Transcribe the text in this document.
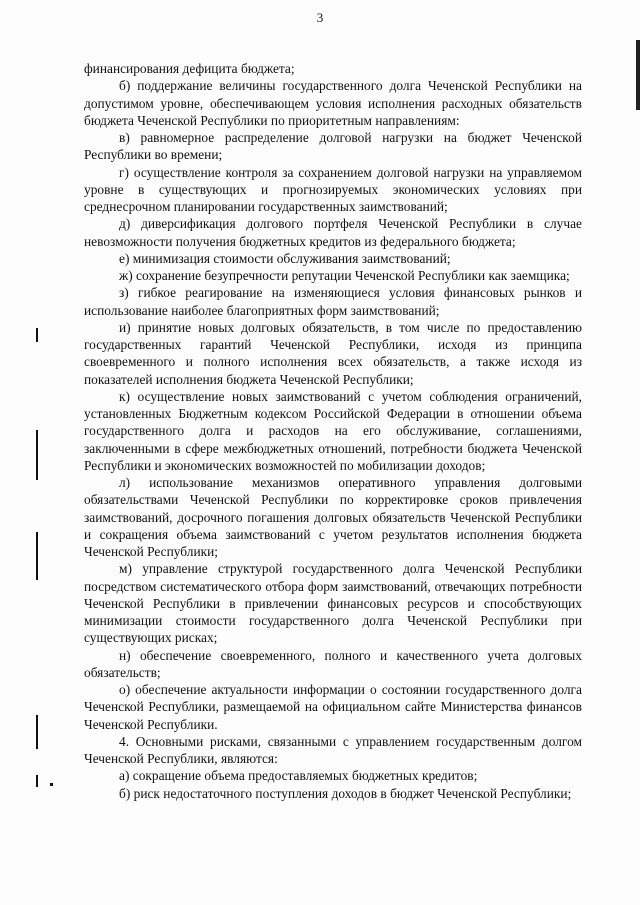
3

финансирования дефицита бюджета;

б) поддержание величины государственного долга Чеченской Республики на допустимом уровне, обеспечивающем условия исполнения расходных обязательств бюджета Чеченской Республики по приоритетным направлениям:

в) равномерное распределение долговой нагрузки на бюджет Чеченской Республики во времени;

г) осуществление контроля за сохранением долговой нагрузки на управляемом уровне в существующих и прогнозируемых экономических условиях при среднесрочном планировании государственных заимствований;

д) диверсификация долгового портфеля Чеченской Республики в случае невозможности получения бюджетных кредитов из федерального бюджета;

е) минимизация стоимости обслуживания заимствований;

ж) сохранение безупречности репутации Чеченской Республики как заемщика;

з) гибкое реагирование на изменяющиеся условия финансовых рынков и использование наиболее благоприятных форм заимствований;

и) принятие новых долговых обязательств, в том числе по предоставлению государственных гарантий Чеченской Республики, исходя из принципа своевременного и полного исполнения всех обязательств, а также исходя из показателей исполнения бюджета Чеченской Республики;

к) осуществление новых заимствований с учетом соблюдения ограничений, установленных Бюджетным кодексом Российской Федерации в отношении объема государственного долга и расходов на его обслуживание, соглашениями, заключенными в сфере межбюджетных отношений, потребности бюджета Чеченской Республики и экономических возможностей по мобилизации доходов;

л) использование механизмов оперативного управления долговыми обязательствами Чеченской Республики по корректировке сроков привлечения заимствований, досрочного погашения долговых обязательств Чеченской Республики и сокращения объема заимствований с учетом результатов исполнения бюджета Чеченской Республики;

м) управление структурой государственного долга Чеченской Республики посредством систематического отбора форм заимствований, отвечающих потребности Чеченской Республики в привлечении финансовых ресурсов и способствующих минимизации стоимости государственного долга Чеченской Республики при существующих рисках;

н) обеспечение своевременного, полного и качественного учета долговых обязательств;

о) обеспечение актуальности информации о состоянии государственного долга Чеченской Республики, размещаемой на официальном сайте Министерства финансов Чеченской Республики.

4. Основными рисками, связанными с управлением государственным долгом Чеченской Республики, являются:

а) сокращение объема предоставляемых бюджетных кредитов;

б) риск недостаточного поступления доходов в бюджет Чеченской Республики;
